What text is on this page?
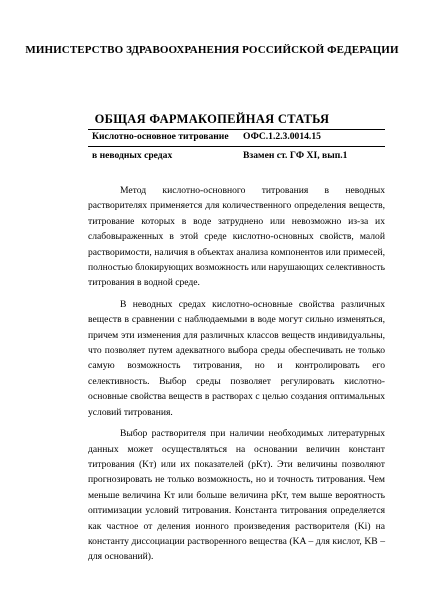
МИНИСТЕРСТВО ЗДРАВООХРАНЕНИЯ РОССИЙСКОЙ ФЕДЕРАЦИИ
ОБЩАЯ ФАРМАКОПЕЙНАЯ СТАТЬЯ
Кислотно-основное титрование ОФС.1.2.3.0014.15
в неводных средах	Взамен ст. ГФ XI, вып.1

Метод кислотно-основного титрования в неводных растворителях применяется для количественного определения веществ, титрование которых в воде затруднено или невозможно из-за их слабовыраженных в этой среде кислотно-основных свойств, малой растворимости, наличия в объектах анализа компонентов или примесей, полностью блокирующих возможность или нарушающих селективность титрования в водной среде.

В неводных средах кислотно-основные свойства различных веществ в сравнении с наблюдаемыми в воде могут сильно изменяться, причем эти изменения для различных классов веществ индивидуальны, что позволяет путем адекватного выбора среды обеспечивать не только самую возможность титрования, но и контролировать его селективность. Выбор среды позволяет регулировать кислотно-основные свойства веществ в растворах с целью создания оптимальных условий титрования.

Выбор растворителя при наличии необходимых литературных данных может осуществляться на основании величин констант титрования (Kт) или их показателей (pKт). Эти величины позволяют прогнозировать не только возможность, но и точность титрования. Чем меньше величина Kт или больше величина pKт, тем выше вероятность оптимизации условий титрования. Константа титрования определяется как частное от деления ионного произведения растворителя (Ki) на константу диссоциации растворенного вещества (KA – для кислот, KB – для оснований).
